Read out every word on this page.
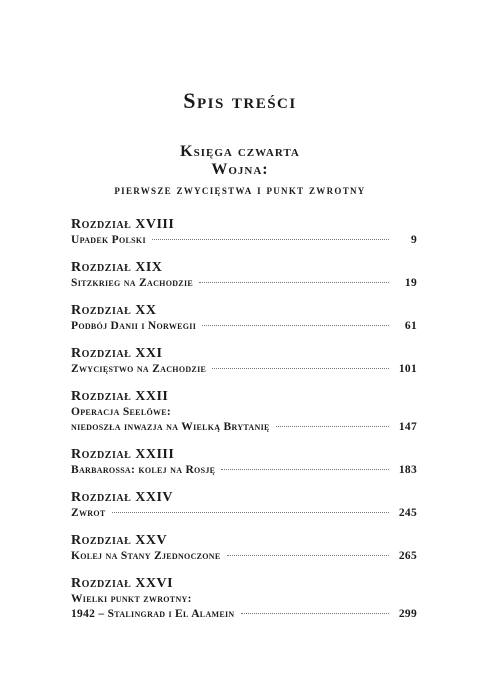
Spis treści
Księga czwarta
Wojna:
pierwsze zwycięstwa i punkt zwrotny
Rozdział XVIII
Upadek Polski	9
Rozdział XIX
Sitzkrieg na Zachodzie	19
Rozdział XX
Podbój Danii i Norwegii	61
Rozdział XXI
Zwycięstwo na Zachodzie	101
Rozdział XXII
Operacja Seelöwe:
niedoszła inwazja na Wielką Brytanię	147
Rozdział XXIII
Barbarossa: kolej na Rosję	183
Rozdział XXIV
Zwrot	245
Rozdział XXV
Kolej na Stany Zjednoczone	265
Rozdział XXVI
Wielki punkt zwrotny:
1942 – Stalingrad i El Alamein	299
